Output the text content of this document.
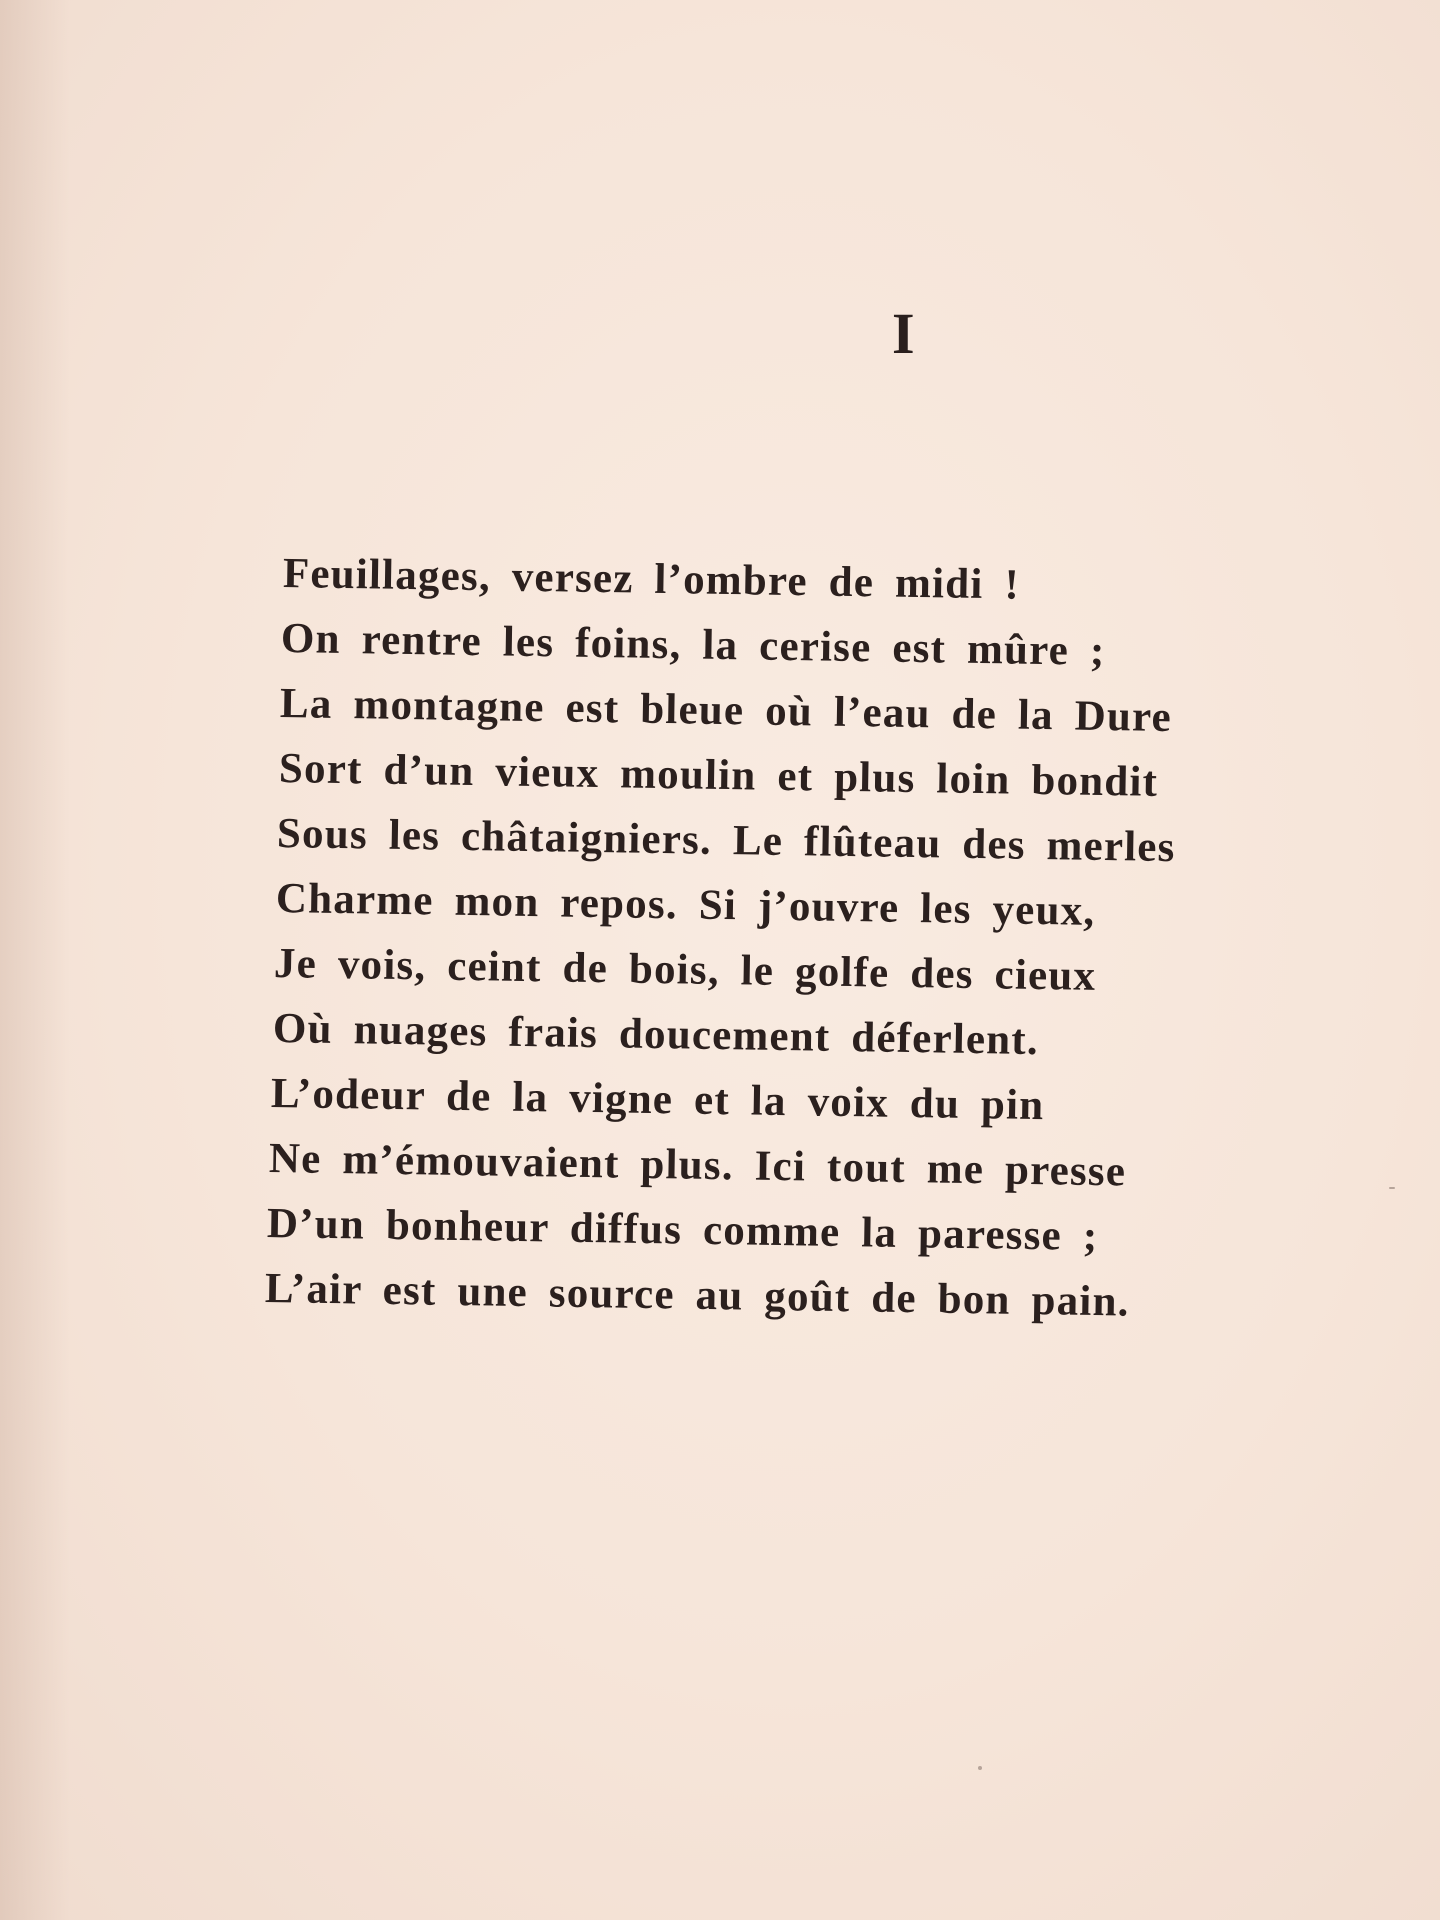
I
Feuillages, versez l’ombre de midi !
On rentre les foins, la cerise est mûre ;
La montagne est bleue où l’eau de la Dure
Sort d’un vieux moulin et plus loin bondit
Sous les châtaigniers. Le flûteau des merles
Charme mon repos. Si j’ouvre les yeux,
Je vois, ceint de bois, le golfe des cieux
Où nuages frais doucement déferlent.
L’odeur de la vigne et la voix du pin
Ne m’émouvaient plus. Ici tout me presse
D’un bonheur diffus comme la paresse ;
L’air est une source au goût de bon pain.
